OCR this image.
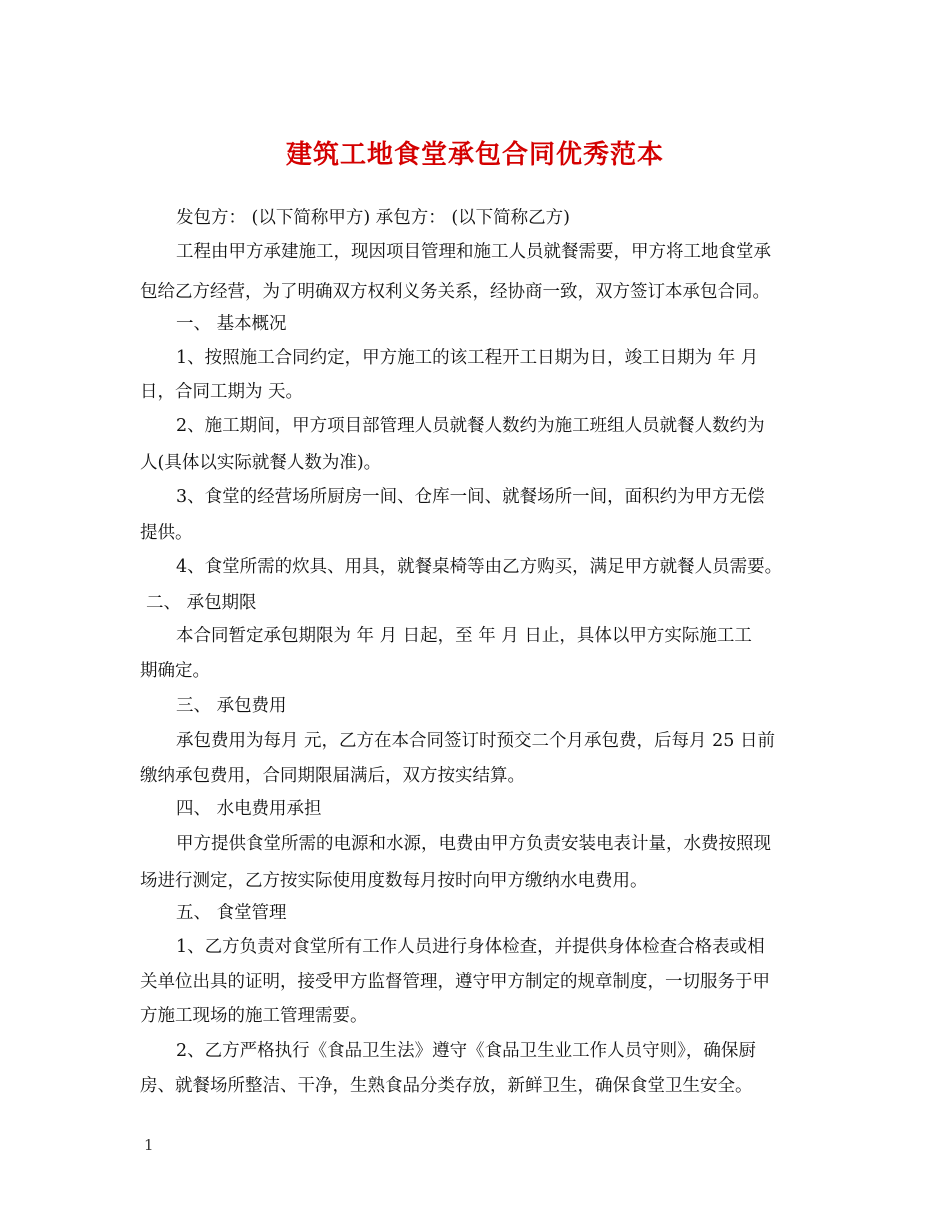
建筑工地食堂承包合同优秀范本
发包方： (以下简称甲方) 承包方： (以下简称乙方)
工程由甲方承建施工，现因项目管理和施工人员就餐需要，甲方将工地食堂承
包给乙方经营，为了明确双方权利义务关系，经协商一致，双方签订本承包合同。
一、 基本概况
1、按照施工合同约定，甲方施工的该工程开工日期为日，竣工日期为 年 月
日，合同工期为 天。
2、施工期间，甲方项目部管理人员就餐人数约为施工班组人员就餐人数约为
人(具体以实际就餐人数为准)。
3、食堂的经营场所厨房一间、仓库一间、就餐场所一间，面积约为甲方无偿
提供。
4、食堂所需的炊具、用具，就餐桌椅等由乙方购买，满足甲方就餐人员需要。
二、 承包期限
本合同暂定承包期限为 年 月 日起，至 年 月 日止，具体以甲方实际施工工
期确定。
三、 承包费用
承包费用为每月 元，乙方在本合同签订时预交二个月承包费，后每月 25 日前
缴纳承包费用，合同期限届满后，双方按实结算。
四、 水电费用承担
甲方提供食堂所需的电源和水源，电费由甲方负责安装电表计量，水费按照现
场进行测定，乙方按实际使用度数每月按时向甲方缴纳水电费用。
五、 食堂管理
1、乙方负责对食堂所有工作人员进行身体检查，并提供身体检查合格表或相
关单位出具的证明，接受甲方监督管理，遵守甲方制定的规章制度，一切服务于甲
方施工现场的施工管理需要。
2、乙方严格执行《食品卫生法》遵守《食品卫生业工作人员守则》，确保厨
房、就餐场所整洁、干净，生熟食品分类存放，新鲜卫生，确保食堂卫生安全。
1
